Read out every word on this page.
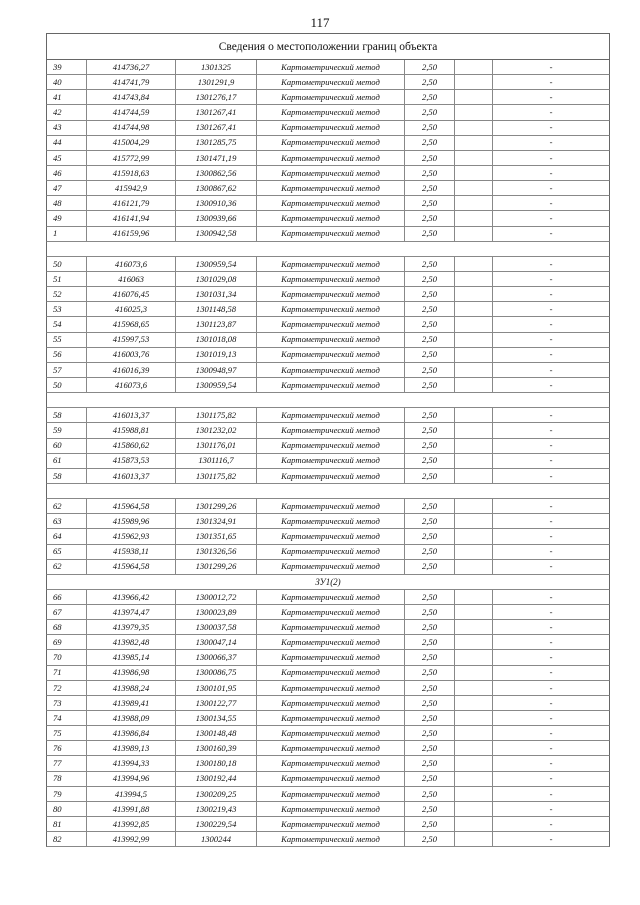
117
Сведения о местоположении границ объекта
39	414736,27	1301325	Картометрический метод	2,50	-
40	414741,79	1301291,9	Картометрический метод	2,50	-
41	414743,84	1301276,17	Картометрический метод	2,50	-
42	414744,59	1301267,41	Картометрический метод	2,50	-
43	414744,98	1301267,41	Картометрический метод	2,50	-
44	415004,29	1301285,75	Картометрический метод	2,50	-
45	415772,99	1301471,19	Картометрический метод	2,50	-
46	415918,63	1300862,56	Картометрический метод	2,50	-
47	415942,9	1300867,62	Картометрический метод	2,50	-
48	416121,79	1300910,36	Картометрический метод	2,50	-
49	416141,94	1300939,66	Картометрический метод	2,50	-
1	416159,96	1300942,58	Картометрический метод	2,50	-
50	416073,6	1300959,54	Картометрический метод	2,50	-
51	416063	1301029,08	Картометрический метод	2,50	-
52	416076,45	1301031,34	Картометрический метод	2,50	-
53	416025,3	1301148,58	Картометрический метод	2,50	-
54	415968,65	1301123,87	Картометрический метод	2,50	-
55	415997,53	1301018,08	Картометрический метод	2,50	-
56	416003,76	1301019,13	Картометрический метод	2,50	-
57	416016,39	1300948,97	Картометрический метод	2,50	-
50	416073,6	1300959,54	Картометрический метод	2,50	-
58	416013,37	1301175,82	Картометрический метод	2,50	-
59	415988,81	1301232,02	Картометрический метод	2,50	-
60	415860,62	1301176,01	Картометрический метод	2,50	-
61	415873,53	1301116,7	Картометрический метод	2,50	-
58	416013,37	1301175,82	Картометрический метод	2,50	-
62	415964,58	1301299,26	Картометрический метод	2,50	-
63	415989,96	1301324,91	Картометрический метод	2,50	-
64	415962,93	1301351,65	Картометрический метод	2,50	-
65	415938,11	1301326,56	Картометрический метод	2,50	-
62	415964,58	1301299,26	Картометрический метод	2,50	-
ЗУ1(2)
66	413966,42	1300012,72	Картометрический метод	2,50	-
67	413974,47	1300023,89	Картометрический метод	2,50	-
68	413979,35	1300037,58	Картометрический метод	2,50	-
69	413982,48	1300047,14	Картометрический метод	2,50	-
70	413985,14	1300066,37	Картометрический метод	2,50	-
71	413986,98	1300086,75	Картометрический метод	2,50	-
72	413988,24	1300101,95	Картометрический метод	2,50	-
73	413989,41	1300122,77	Картометрический метод	2,50	-
74	413988,09	1300134,55	Картометрический метод	2,50	-
75	413986,84	1300148,48	Картометрический метод	2,50	-
76	413989,13	1300160,39	Картометрический метод	2,50	-
77	413994,33	1300180,18	Картометрический метод	2,50	-
78	413994,96	1300192,44	Картометрический метод	2,50	-
79	413994,5	1300209,25	Картометрический метод	2,50	-
80	413991,88	1300219,43	Картометрический метод	2,50	-
81	413992,85	1300229,54	Картометрический метод	2,50	-
82	413992,99	1300244	Картометрический метод	2,50	-
